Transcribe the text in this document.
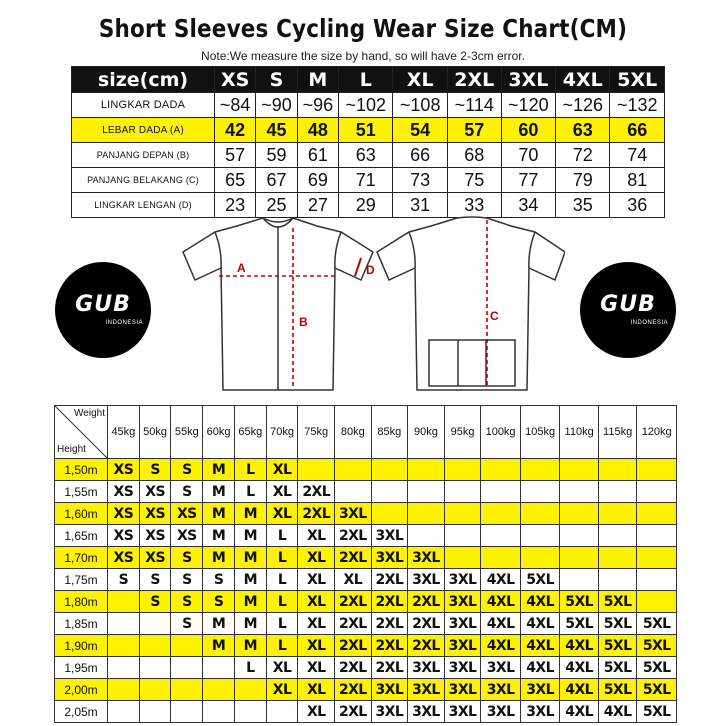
Short Sleeves Cycling Wear Size Chart(CM)
Note:We measure the size by hand, so will have 2-3cm error.
size(cm)	XS	S	M	L	XL	2XL	3XL	4XL	5XL
LINGKAR DADA	~84	~90	~96	~102	~108	~114	~120	~126	~132
LEBAR DADA (A)	42	45	48	51	54	57	60	63	66
PANJANG DEPAN (B)	57	59	61	63	66	68	70	72	74
PANJANG BELAKANG (C)	65	67	69	71	73	75	77	79	81
LINGKAR LENGAN (D)	23	25	27	29	31	33	34	35	36
GUB
INDONESIA
GUB
INDONESIA
A
B
D
C
Weight
Height	45kg	50kg	55kg	60kg	65kg	70kg	75kg	80kg	85kg	90kg	95kg	100kg	105kg	110kg	115kg	120kg
1,50m	XS	S	S	M	L	XL										
1,55m	XS	XS	S	M	L	XL	2XL									
1,60m	XS	XS	XS	M	M	XL	2XL	3XL								
1,65m	XS	XS	XS	M	M	L	XL	2XL	3XL							
1,70m	XS	XS	S	M	M	L	XL	2XL	3XL	3XL						
1,75m	S	S	S	S	M	L	XL	XL	2XL	3XL	3XL	4XL	5XL			
1,80m		S	S	S	M	L	XL	2XL	2XL	2XL	3XL	4XL	4XL	5XL	5XL	
1,85m			S	M	M	L	XL	2XL	2XL	2XL	3XL	4XL	4XL	5XL	5XL	5XL
1,90m				M	M	L	XL	2XL	2XL	2XL	3XL	4XL	4XL	4XL	5XL	5XL
1,95m					L	XL	XL	2XL	2XL	3XL	3XL	3XL	4XL	4XL	5XL	5XL
2,00m						XL	XL	2XL	3XL	3XL	3XL	3XL	3XL	4XL	5XL	5XL
2,05m							XL	2XL	3XL	3XL	3XL	3XL	3XL	4XL	4XL	5XL
